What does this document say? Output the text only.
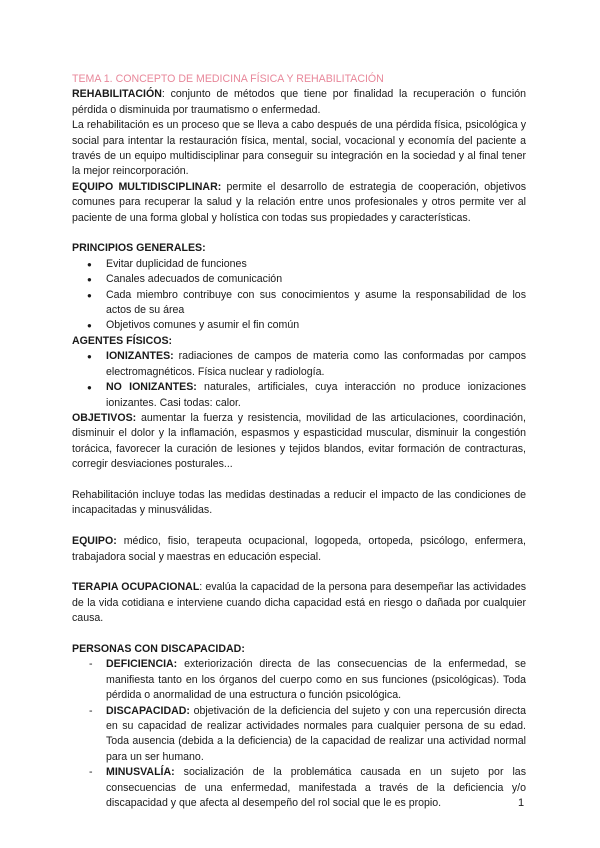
TEMA 1. CONCEPTO DE MEDICINA FÍSICA Y REHABILITACIÓN

REHABILITACIÓN: conjunto de métodos que tiene por finalidad la recuperación o función pérdida o disminuida por traumatismo o enfermedad.

La rehabilitación es un proceso que se lleva a cabo después de una pérdida física, psicológica y social para intentar la restauración física, mental, social, vocacional y economía del paciente a través de un equipo multidisciplinar para conseguir su integración en la sociedad y al final tener la mejor reincorporación.

EQUIPO MULTIDISCIPLINAR: permite el desarrollo de estrategia de cooperación, objetivos comunes para recuperar la salud y la relación entre unos profesionales y otros permite ver al paciente de una forma global y holística con todas sus propiedades y características.

PRINCIPIOS GENERALES:

● Evitar duplicidad de funciones
● Canales adecuados de comunicación
● Cada miembro contribuye con sus conocimientos y asume la responsabilidad de los actos de su área
● Objetivos comunes y asumir el fin común

AGENTES FÍSICOS:

● IONIZANTES: radiaciones de campos de materia como las conformadas por campos electromagnéticos. Física nuclear y radiología.
● NO IONIZANTES: naturales, artificiales, cuya interacción no produce ionizaciones ionizantes. Casi todas: calor.

OBJETIVOS: aumentar la fuerza y resistencia, movilidad de las articulaciones, coordinación, disminuir el dolor y la inflamación, espasmos y espasticidad muscular, disminuir la congestión torácica, favorecer la curación de lesiones y tejidos blandos, evitar formación de contracturas, corregir desviaciones posturales...

Rehabilitación incluye todas las medidas destinadas a reducir el impacto de las condiciones de incapacitadas y minusválidas.

EQUIPO: médico, fisio, terapeuta ocupacional, logopeda, ortopeda, psicólogo, enfermera, trabajadora social y maestras en educación especial.

TERAPIA OCUPACIONAL: evalúa la capacidad de la persona para desempeñar las actividades de la vida cotidiana e interviene cuando dicha capacidad está en riesgo o dañada por cualquier causa.

PERSONAS CON DISCAPACIDAD:

- DEFICIENCIA: exteriorización directa de las consecuencias de la enfermedad, se manifiesta tanto en los órganos del cuerpo como en sus funciones (psicológicas). Toda pérdida o anormalidad de una estructura o función psicológica.
- DISCAPACIDAD: objetivación de la deficiencia del sujeto y con una repercusión directa en su capacidad de realizar actividades normales para cualquier persona de su edad. Toda ausencia (debida a la deficiencia) de la capacidad de realizar una actividad normal para un ser humano.
- MINUSVALÍA: socialización de la problemática causada en un sujeto por las consecuencias de una enfermedad, manifestada a través de la deficiencia y/o discapacidad y que afecta al desempeño del rol social que le es propio.	1
